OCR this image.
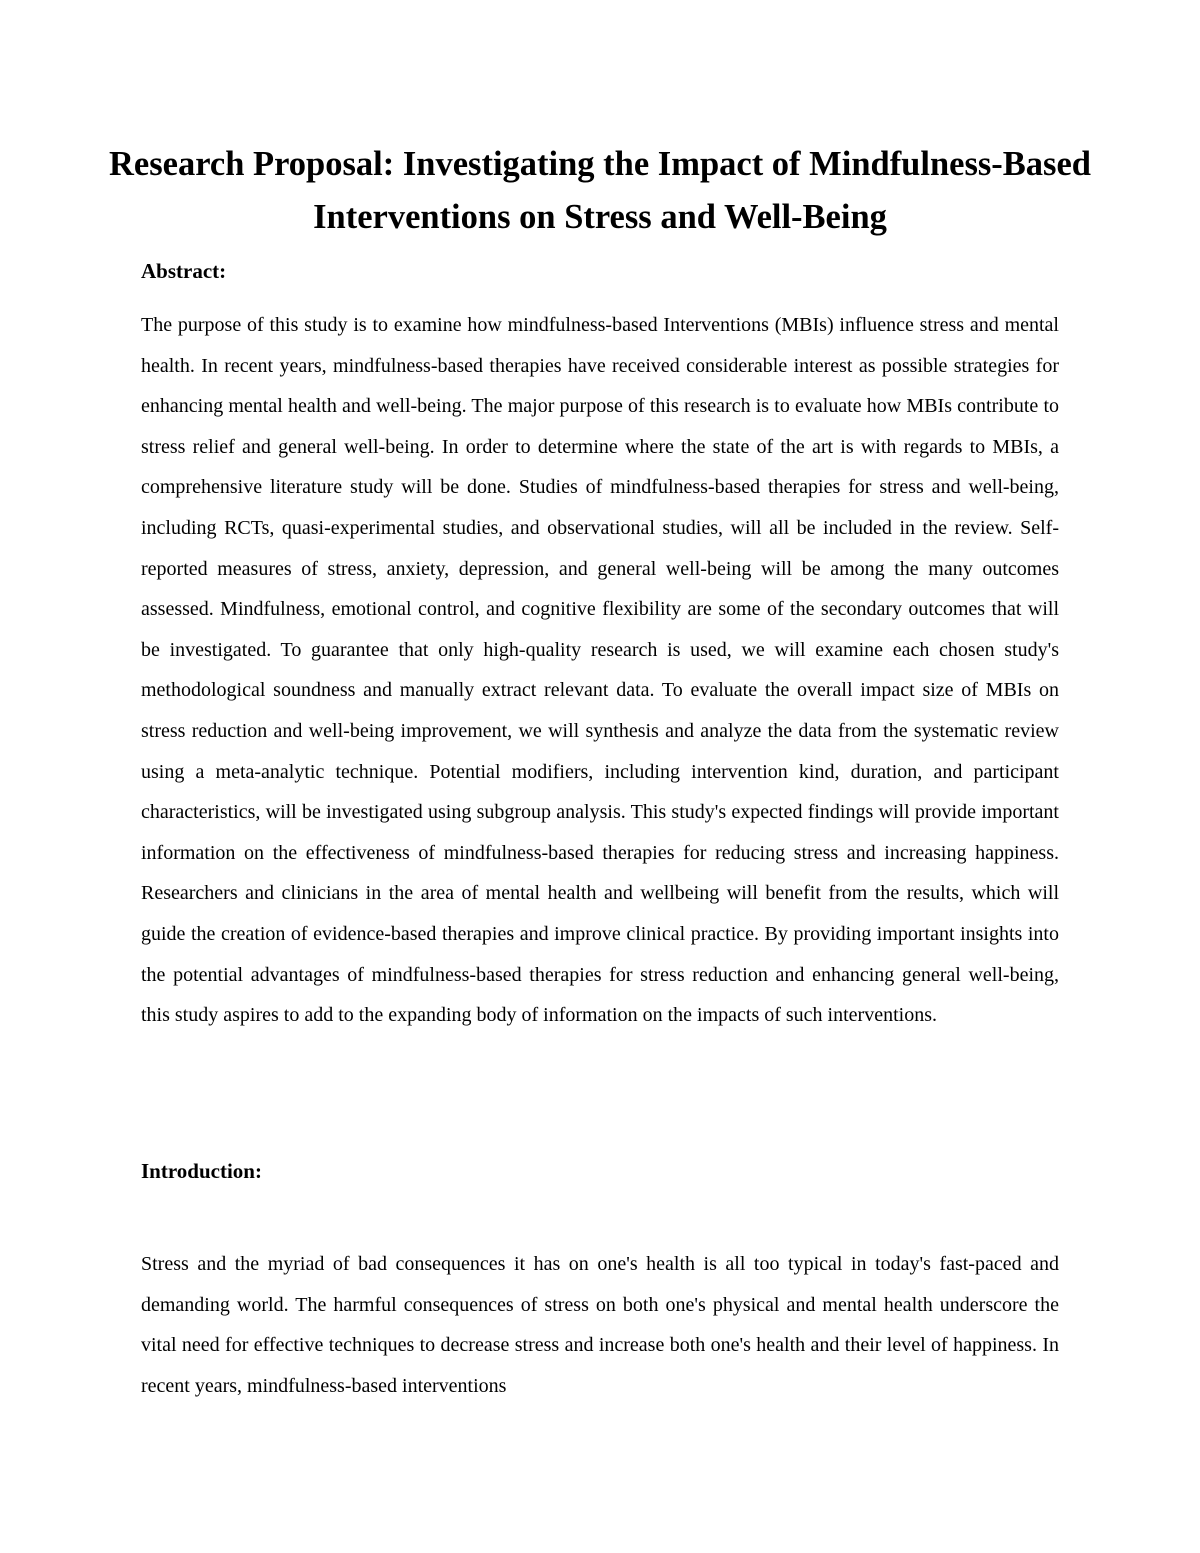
Research Proposal: Investigating the Impact of Mindfulness-Based Interventions on Stress and Well-Being
Abstract:

The purpose of this study is to examine how mindfulness-based Interventions (MBIs) influence stress and mental health. In recent years, mindfulness-based therapies have received considerable interest as possible strategies for enhancing mental health and well-being. The major purpose of this research is to evaluate how MBIs contribute to stress relief and general well-being. In order to determine where the state of the art is with regards to MBIs, a comprehensive literature study will be done. Studies of mindfulness-based therapies for stress and well-being, including RCTs, quasi-experimental studies, and observational studies, will all be included in the review. Self-reported measures of stress, anxiety, depression, and general well-being will be among the many outcomes assessed. Mindfulness, emotional control, and cognitive flexibility are some of the secondary outcomes that will be investigated. To guarantee that only high-quality research is used, we will examine each chosen study's methodological soundness and manually extract relevant data. To evaluate the overall impact size of MBIs on stress reduction and well-being improvement, we will synthesis and analyze the data from the systematic review using a meta-analytic technique. Potential modifiers, including intervention kind, duration, and participant characteristics, will be investigated using subgroup analysis. This study's expected findings will provide important information on the effectiveness of mindfulness-based therapies for reducing stress and increasing happiness. Researchers and clinicians in the area of mental health and wellbeing will benefit from the results, which will guide the creation of evidence-based therapies and improve clinical practice. By providing important insights into the potential advantages of mindfulness-based therapies for stress reduction and enhancing general well-being, this study aspires to add to the expanding body of information on the impacts of such interventions.

Introduction:

Stress and the myriad of bad consequences it has on one's health is all too typical in today's fast-paced and demanding world. The harmful consequences of stress on both one's physical and mental health underscore the vital need for effective techniques to decrease stress and increase both one's health and their level of happiness. In recent years, mindfulness-based interventions
